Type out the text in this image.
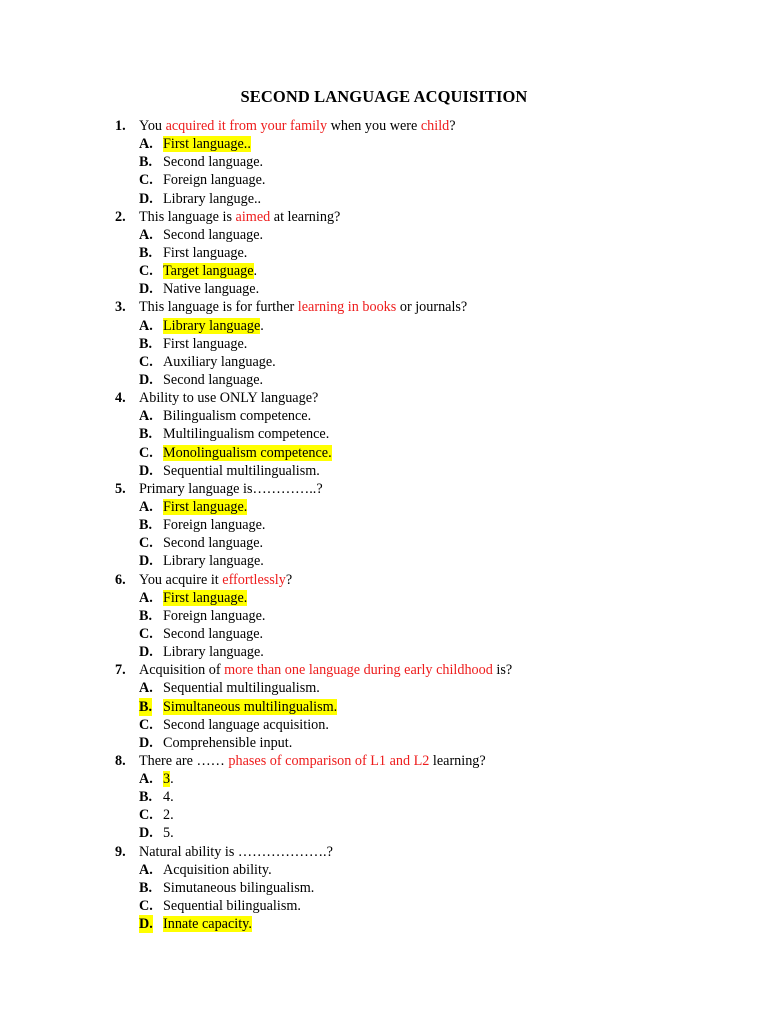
SECOND LANGUAGE ACQUISITION
1. You acquired it from your family when you were child?
A. First language..
B. Second language.
C. Foreign language.
D. Library languge..
2. This language is aimed at learning?
A. Second language.
B. First language.
C. Target language.
D. Native language.
3. This language is for further learning in books or journals?
A. Library language.
B. First language.
C. Auxiliary language.
D. Second language.
4. Ability to use ONLY language?
A. Bilingualism competence.
B. Multilingualism competence.
C. Monolingualism competence.
D. Sequential multilingualism.
5. Primary language is…………..?
A. First language.
B. Foreign language.
C. Second language.
D. Library language.
6. You acquire it effortlessly?
A. First language.
B. Foreign language.
C. Second language.
D. Library language.
7. Acquisition of more than one language during early childhood is?
A. Sequential multilingualism.
B. Simultaneous multilingualism.
C. Second language acquisition.
D. Comprehensible input.
8. There are …… phases of comparison of L1 and L2 learning?
A. 3.
B. 4.
C. 2.
D. 5.
9. Natural ability is ……………….?
A. Acquisition ability.
B. Simutaneous bilingualism.
C. Sequential bilingualism.
D. Innate capacity.
